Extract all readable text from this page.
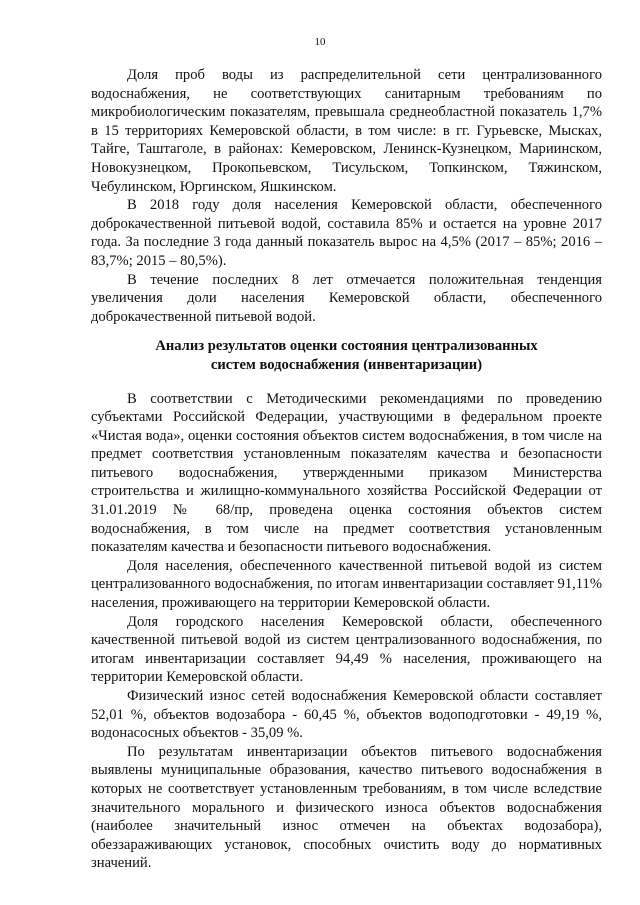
10

Доля проб воды из распределительной сети централизованного водоснабжения, не соответствующих санитарным требованиям по микробиологическим показателям, превышала среднеобластной показатель 1,7% в 15 территориях Кемеровской области, в том числе: в гг. Гурьевске, Мысках, Тайге, Таштаголе, в районах: Кемеровском, Ленинск-Кузнецком, Мариинском, Новокузнецком, Прокопьевском, Тисульском, Топкинском, Тяжинском, Чебулинском, Юргинском, Яшкинском.

В 2018 году доля населения Кемеровской области, обеспеченного доброкачественной питьевой водой, составила 85% и остается на уровне 2017 года. За последние 3 года данный показатель вырос на 4,5% (2017 – 85%; 2016 – 83,7%; 2015 – 80,5%).

В течение последних 8 лет отмечается положительная тенденция увеличения доли населения Кемеровской области, обеспеченного доброкачественной питьевой водой.

Анализ результатов оценки состояния централизованных
систем водоснабжения (инвентаризации)

В соответствии с Методическими рекомендациями по проведению субъектами Российской Федерации, участвующими в федеральном проекте «Чистая вода», оценки состояния объектов систем водоснабжения, в том числе на предмет соответствия установленным показателям качества и безопасности питьевого водоснабжения, утвержденными приказом Министерства строительства и жилищно-коммунального хозяйства Российской Федерации от 31.01.2019 № 68/пр, проведена оценка состояния объектов систем водоснабжения, в том числе на предмет соответствия установленным показателям качества и безопасности питьевого водоснабжения.

Доля населения, обеспеченного качественной питьевой водой из систем централизованного водоснабжения, по итогам инвентаризации составляет 91,11% населения, проживающего на территории Кемеровской области.

Доля городского населения Кемеровской области, обеспеченного качественной питьевой водой из систем централизованного водоснабжения, по итогам инвентаризации составляет 94,49 % населения, проживающего на территории Кемеровской области.

Физический износ сетей водоснабжения Кемеровской области составляет 52,01 %, объектов водозабора - 60,45 %, объектов водоподготовки - 49,19 %, водонасосных объектов - 35,09 %.

По результатам инвентаризации объектов питьевого водоснабжения выявлены муниципальные образования, качество питьевого водоснабжения в которых не соответствует установленным требованиям, в том числе вследствие значительного морального и физического износа объектов водоснабжения (наиболее значительный износ отмечен на объектах водозабора), обеззараживающих установок, способных очистить воду до нормативных значений.
